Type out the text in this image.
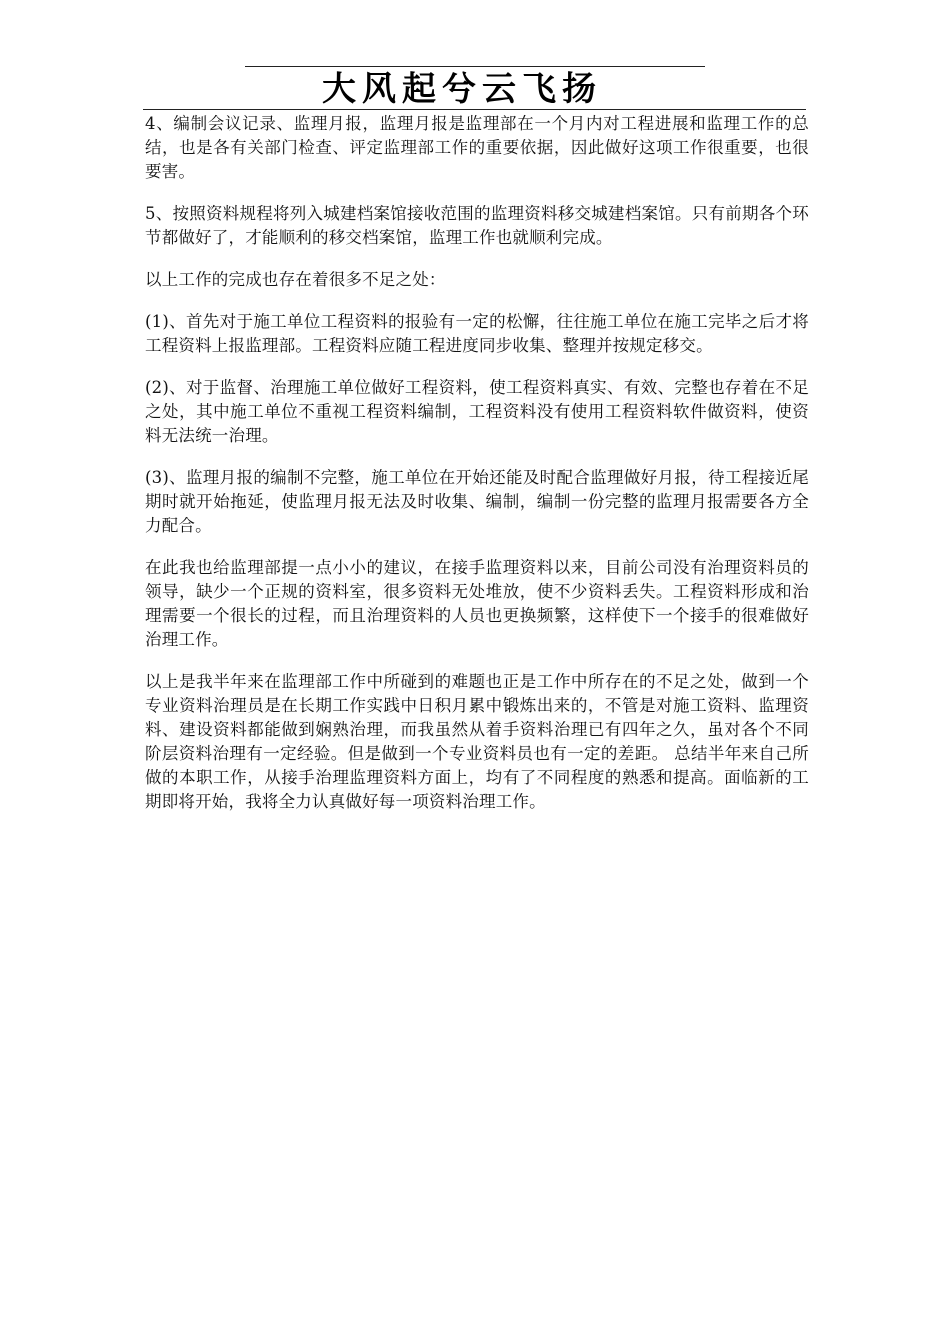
大风起兮云飞扬

4、编制会议记录、监理月报，监理月报是监理部在一个月内对工程进展和监理工作的总结，也是各有关部门检查、评定监理部工作的重要依据，因此做好这项工作很重要，也很要害。

5、按照资料规程将列入城建档案馆接收范围的监理资料移交城建档案馆。只有前期各个环节都做好了，才能顺利的移交档案馆，监理工作也就顺利完成。

以上工作的完成也存在着很多不足之处：

(1)、首先对于施工单位工程资料的报验有一定的松懈，往往施工单位在施工完毕之后才将工程资料上报监理部。工程资料应随工程进度同步收集、整理并按规定移交。

(2)、对于监督、治理施工单位做好工程资料，使工程资料真实、有效、完整也存着在不足之处，其中施工单位不重视工程资料编制，工程资料没有使用工程资料软件做资料，使资料无法统一治理。

(3)、监理月报的编制不完整，施工单位在开始还能及时配合监理做好月报，待工程接近尾期时就开始拖延，使监理月报无法及时收集、编制，编制一份完整的监理月报需要各方全力配合。

在此我也给监理部提一点小小的建议，在接手监理资料以来，目前公司没有治理资料员的领导，缺少一个正规的资料室，很多资料无处堆放，使不少资料丢失。工程资料形成和治理需要一个很长的过程，而且治理资料的人员也更换频繁，这样使下一个接手的很难做好治理工作。

以上是我半年来在监理部工作中所碰到的难题也正是工作中所存在的不足之处，做到一个专业资料治理员是在长期工作实践中日积月累中锻炼出来的，不管是对施工资料、监理资料、建设资料都能做到娴熟治理，而我虽然从着手资料治理已有四年之久，虽对各个不同阶层资料治理有一定经验。但是做到一个专业资料员也有一定的差距。 总结半年来自己所做的本职工作，从接手治理监理资料方面上，均有了不同程度的熟悉和提高。面临新的工期即将开始，我将全力认真做好每一项资料治理工作。
